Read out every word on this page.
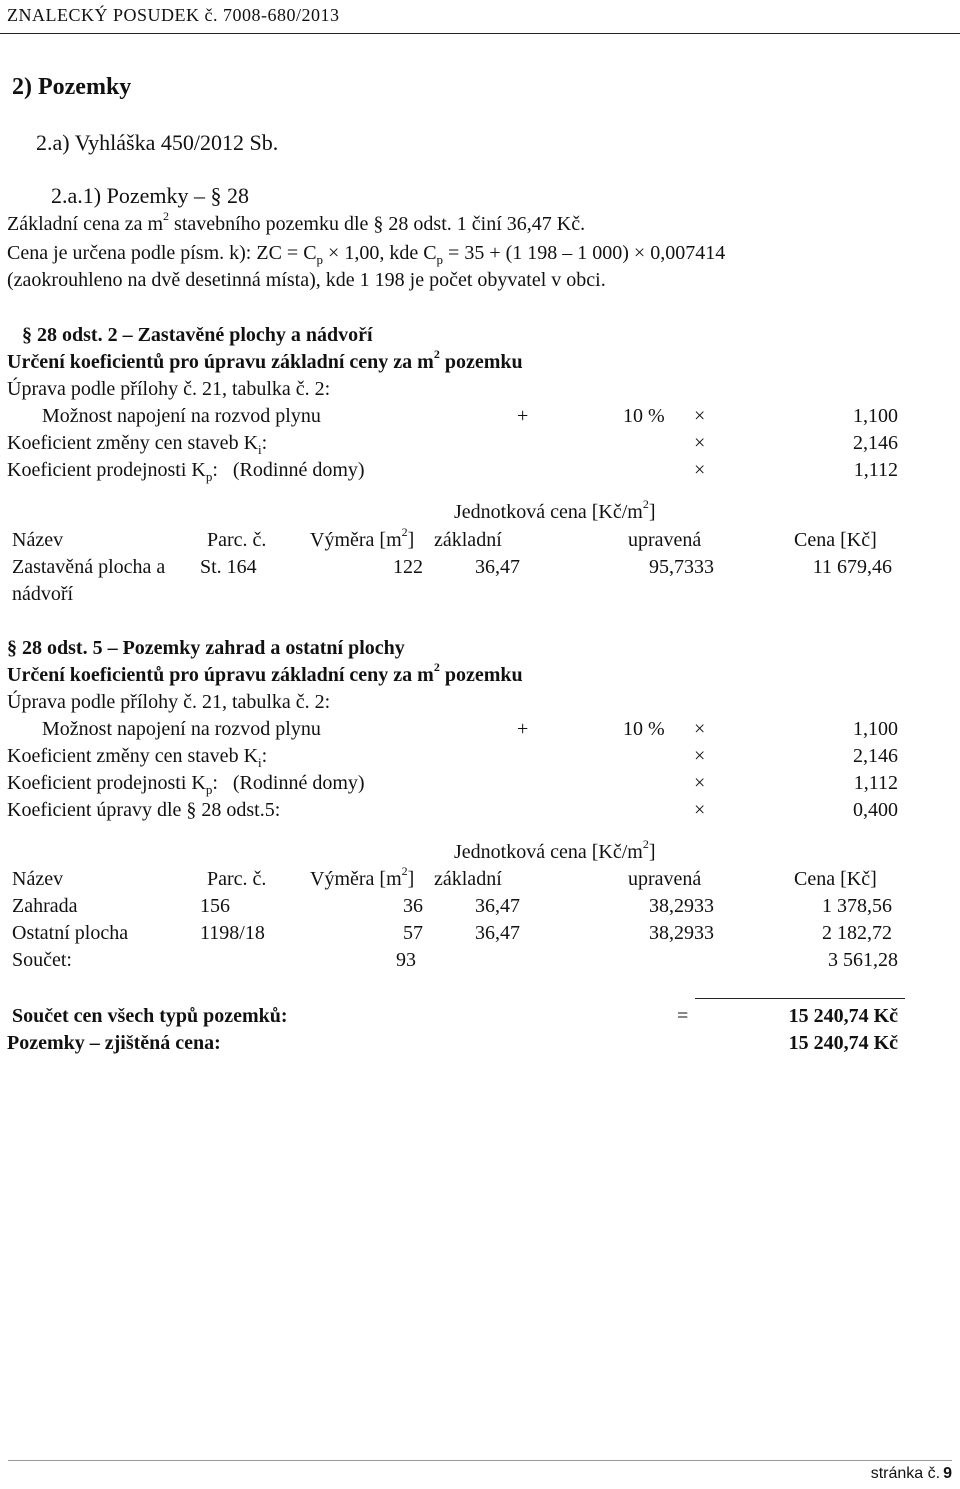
ZNALECKÝ POSUDEK č. 7008-680/2013
2) Pozemky
2.a) Vyhláška 450/2012 Sb.
2.a.1) Pozemky – § 28
Základní cena za $m^2$ stavebního pozemku dle § 28 odst. 1 činí 36,47 Kč.
Cena je určena podle písm. k): ZC = $C_p \times 1,00$, kde $C_p = 35 + (1$ 198 – 1 000) × 0,007414
(zaokrouhleno na dvě desetinná místa), kde 1 198 je počet obyvatel v obci.
§ 28 odst. 2 – Zastavěné plochy a nádvoří
Určení koeficientů pro úpravu základní ceny za $m^2$ pozemku
Úprava podle přílohy č. 21, tabulka č. 2:
Možnost napojení na rozvod plynu	+	10 % ×	1,100
Koeficient změny cen staveb $K_i$:	×	2,146
Koeficient prodejnosti $K_p$:   (Rodinné domy)	×	1,112
Jednotková cena $[Kč/m^2]$
Název	Parc. č. Výměra $[m^2]$ základní	upravená	Cena [Kč]
Zastavěná plocha a
nádvoří
St. 164	122	36,47	95,7333	11 679,46
§ 28 odst. 5 – Pozemky zahrad a ostatní plochy
Určení koeficientů pro úpravu základní ceny za $m^2$ pozemku
Úprava podle přílohy č. 21, tabulka č. 2:
Možnost napojení na rozvod plynu	+	10 % ×	1,100
Koeficient změny cen staveb $K_i$:	×	2,146
Koeficient prodejnosti $K_p$:   (Rodinné domy)	×	1,112
Koeficient úpravy dle § 28 odst.5:	×	0,400
Jednotková cena $[Kč/m^2]$
Název	Parc. č. Výměra $[m^2]$ základní	upravená	Cena [Kč]
Zahrada	156	36	36,47	38,2933	1 378,56
Ostatní plocha	1198/18	57	36,47	38,2933	2 182,72
Součet:	93	3 561,28
Součet cen všech typů pozemků:	=	15 240,74 Kč
Pozemky – zjištěná cena:	15 240,74 Kč
stránka č. 9
